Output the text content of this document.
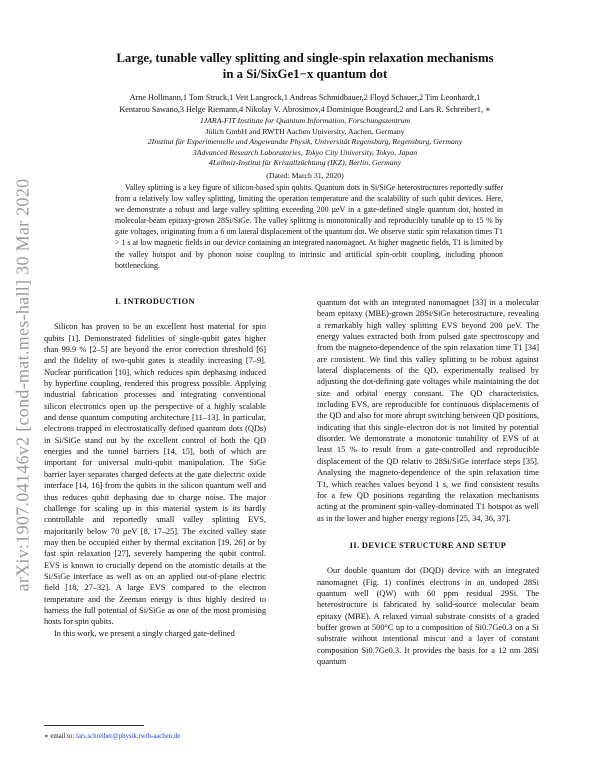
arXiv:1907.04146v2 [cond-mat.mes-hall] 30 Mar 2020
Large, tunable valley splitting and single-spin relaxation mechanisms
in a Si/SixGe1−x quantum dot
Arne Hollmann,1 Tom Struck,1 Veit Langrock,1 Andreas Schmidbauer,2 Floyd Schauer,2 Tim Leonhardt,1
Kentarou Sawano,3 Helge Riemann,4 Nikolay V. Abrosimov,4 Dominique Bougeard,2 and Lars R. Schreiber1, ∗
1JARA-FIT Institute for Quantum Information, Forschungszentrum
Jülich GmbH and RWTH Aachen University, Aachen, Germany
2Institut für Experimentelle und Angewandte Physik, Universität Regensburg, Regensburg, Germany
3Advanced Research Laboratories, Tokyo City University, Tokyo, Japan
4Leibniz-Institut für Kristallzüchtung (IKZ), Berlin, Germany
(Dated: March 31, 2020)
Valley splitting is a key figure of silicon-based spin qubits. Quantum dots in Si/SiGe heterostructures reportedly suffer from a relatively low valley splitting, limiting the operation temperature and the scalability of such qubit devices. Here, we demonstrate a robust and large valley splitting exceeding 200 µeV in a gate-defined single quantum dot, hosted in molecular-beam epitaxy-grown 28Si/SiGe. The valley splitting is monotonically and reproducibly tunable up to 15 % by gate voltages, originating from a 6 nm lateral displacement of the quantum dot. We observe static spin relaxation times T1 > 1 s at low magnetic fields in our device containing an integrated nanomagnet. At higher magnetic fields, T1 is limited by the valley hotspot and by phonon noise coupling to intrinsic and artificial spin-orbit coupling, including phonon bottlenecking.
I. INTRODUCTION
Silicon has proven to be an excellent host material for spin qubits [1]. Demonstrated fidelities of single-qubit gates higher than 99.9 % [2–5] are beyond the error correction threshold [6] and the fidelity of two-qubit gates is steadily increasing [7–9]. Nuclear purification [10], which reduces spin dephasing induced by hyperfine coupling, rendered this progress possible. Applying industrial fabrication processes and integrating conventional silicon electronics open up the perspective of a highly scalable and dense quantum computing architecture [11–13]. In particular, electrons trapped in electrostatically defined quantum dots (QDs) in Si/SiGe stand out by the excellent control of both the QD energies and the tunnel barriers [14, 15], both of which are important for universal multi-qubit manipulation. The SiGe barrier layer separates charged defects at the gate dielectric oxide interface [14, 16] from the qubits in the silicon quantum well and thus reduces qubit dephasing due to charge noise. The major challenge for scaling up in this material system is its hardly controllable and reportedly small valley splitting EVS, majoritarily below 70 µeV [8, 17–25]. The excited valley state may then be occupied either by thermal excitation [19, 26] or by fast spin relaxation [27], severely hampering the qubit control. EVS is known to crucially depend on the atomistic details at the Si/SiGe interface as well as on an applied out-of-plane electric field [18, 27–32]. A large EVS compared to the electron temperature and the Zeeman energy is thus highly desired to harness the full potential of Si/SiGe as one of the most promising hosts for spin qubits.
In this work, we present a singly charged gate-defined
quantum dot with an integrated nanomagnet [33] in a molecular beam epitaxy (MBE)-grown 28Si/SiGe heterostructure, revealing a remarkably high valley splitting EVS beyond 200 µeV. The energy values extracted both from pulsed gate spectroscopy and from the magneto-dependence of the spin relaxation time T1 [34] are consistent. We find this valley splitting to be robust against lateral displacements of the QD, experimentally realised by adjusting the dot-defining gate voltages while maintaining the dot size and orbital energy constant. The QD characteristics, including EVS, are reproducible for continuous displacements of the QD and also for more abrupt switching between QD positions, indicating that this single-electron dot is not limited by potential disorder. We demonstrate a monotonic tunability of EVS of at least 15 % to result from a gate-controlled and reproducible displacement of the QD relativ to 28Si/SiGe interface steps [35]. Analysing the magneto-dependence of the spin relaxation time T1, which reaches values beyond 1 s, we find consistent results for a few QD positions regarding the relaxation mechanisms acting at the prominent spin-valley-dominated T1 hotspot as well as in the lower and higher energy regions [25, 34, 36, 37].
II. DEVICE STRUCTURE AND SETUP
Our double quantum dot (DQD) device with an integrated nanomagnet (Fig. 1) confines electrons in an undoped 28Si quantum well (QW) with 60 ppm residual 29Si. The heterostructure is fabricated by solid-source molecular beam epitaxy (MBE). A relaxed virtual substrate consists of a graded buffer grown at 500°C up to a composition of Si0.7Ge0.3 on a Si substrate without intentional miscut and a layer of constant composition Si0.7Ge0.3. It provides the basis for a 12 nm 28Si quantum
∗ email to: lars.schreiber@physik.rwth-aachen.de
